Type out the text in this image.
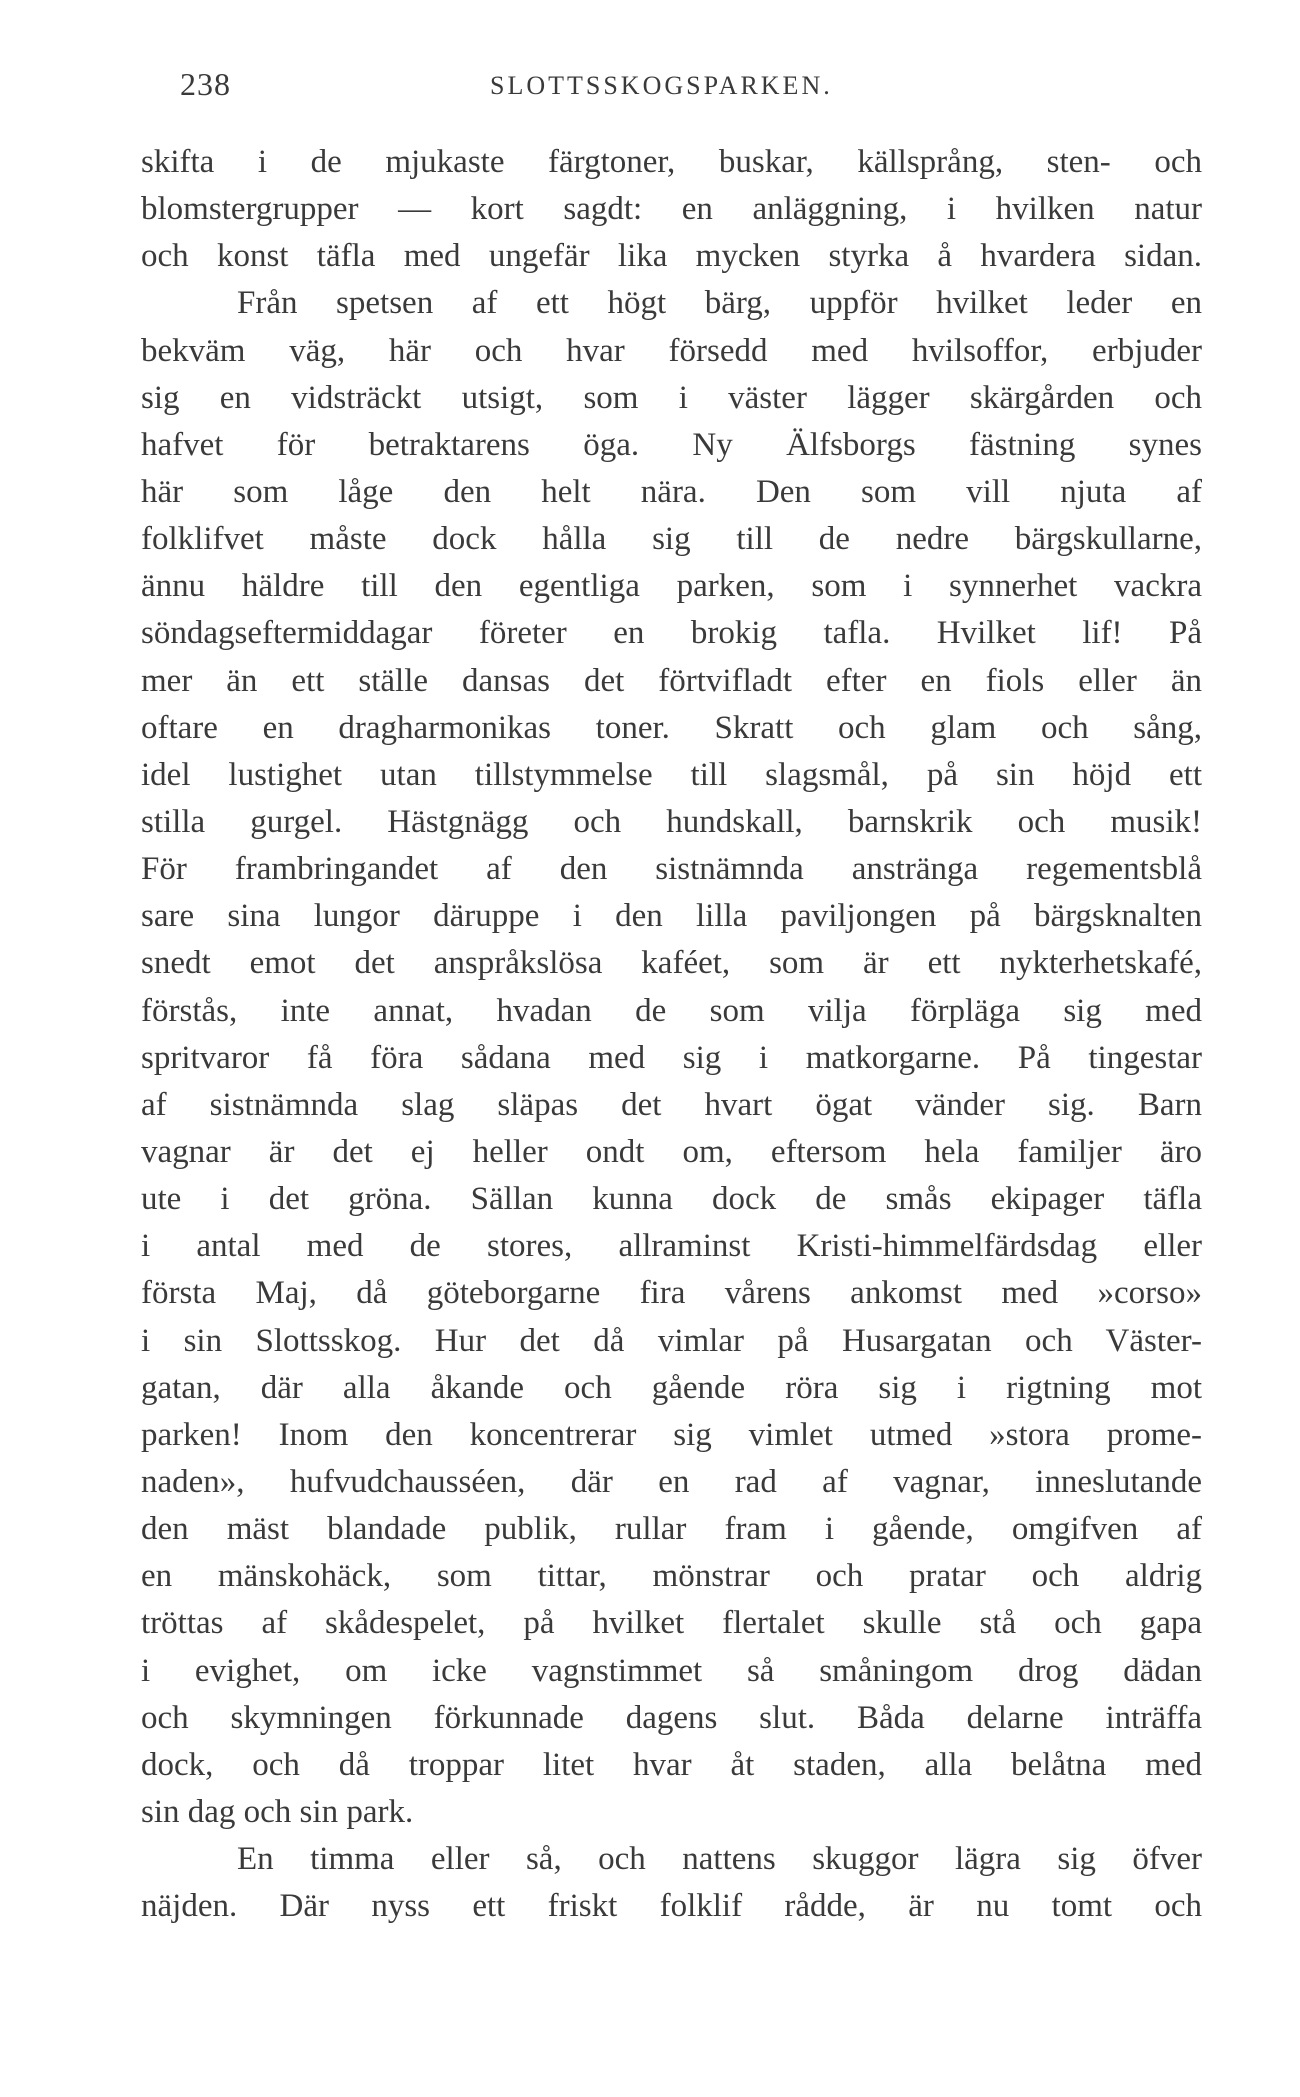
238	SLOTTSSKOGSPARKEN.
skifta i de mjukaste färgtoner, buskar, källsprång, sten- och
blomstergrupper — kort sagdt: en anläggning, i hvilken natur
och konst täfla med ungefär lika mycken styrka å hvardera sidan.
Från spetsen af ett högt bärg, uppför hvilket leder en
bekväm väg, här och hvar försedd med hvilsoffor, erbjuder
sig en vidsträckt utsigt, som i väster lägger skärgården och
hafvet för betraktarens öga. Ny Älfsborgs fästning synes
här som låge den helt nära. Den som vill njuta af
folklifvet måste dock hålla sig till de nedre bärgskullarne,
ännu häldre till den egentliga parken, som i synnerhet vackra
söndagseftermiddagar företer en brokig tafla. Hvilket lif! På
mer än ett ställe dansas det förtvifladt efter en fiols eller än
oftare en dragharmonikas toner. Skratt och glam och sång,
idel lustighet utan tillstymmelse till slagsmål, på sin höjd ett
stilla gurgel. Hästgnägg och hundskall, barnskrik och musik!
För frambringandet af den sistnämnda anstränga regementsblå
sare sina lungor däruppe i den lilla paviljongen på bärgsknalten
snedt emot det anspråkslösa kaféet, som är ett nykterhetskafé,
förstås, inte annat, hvadan de som vilja förpläga sig med
spritvaror få föra sådana med sig i matkorgarne. På tingestar
af sistnämnda slag släpas det hvart ögat vänder sig. Barn
vagnar är det ej heller ondt om, eftersom hela familjer äro
ute i det gröna. Sällan kunna dock de smås ekipager täfla
i antal med de stores, allraminst Kristi-himmelfärdsdag eller
första Maj, då göteborgarne fira vårens ankomst med »corso»
i sin Slottsskog. Hur det då vimlar på Husargatan och Väster-
gatan, där alla åkande och gående röra sig i rigtning mot
parken! Inom den koncentrerar sig vimlet utmed »stora prome-
naden», hufvudchausséen, där en rad af vagnar, inneslutande
den mäst blandade publik, rullar fram i gående, omgifven af
en mänskohäck, som tittar, mönstrar och pratar och aldrig
tröttas af skådespelet, på hvilket flertalet skulle stå och gapa
i evighet, om icke vagnstimmet så småningom drog dädan
och skymningen förkunnade dagens slut. Båda delarne inträffa
dock, och då troppar litet hvar åt staden, alla belåtna med
sin dag och sin park.
En timma eller så, och nattens skuggor lägra sig öfver
näjden. Där nyss ett friskt folklif rådde, är nu tomt och
